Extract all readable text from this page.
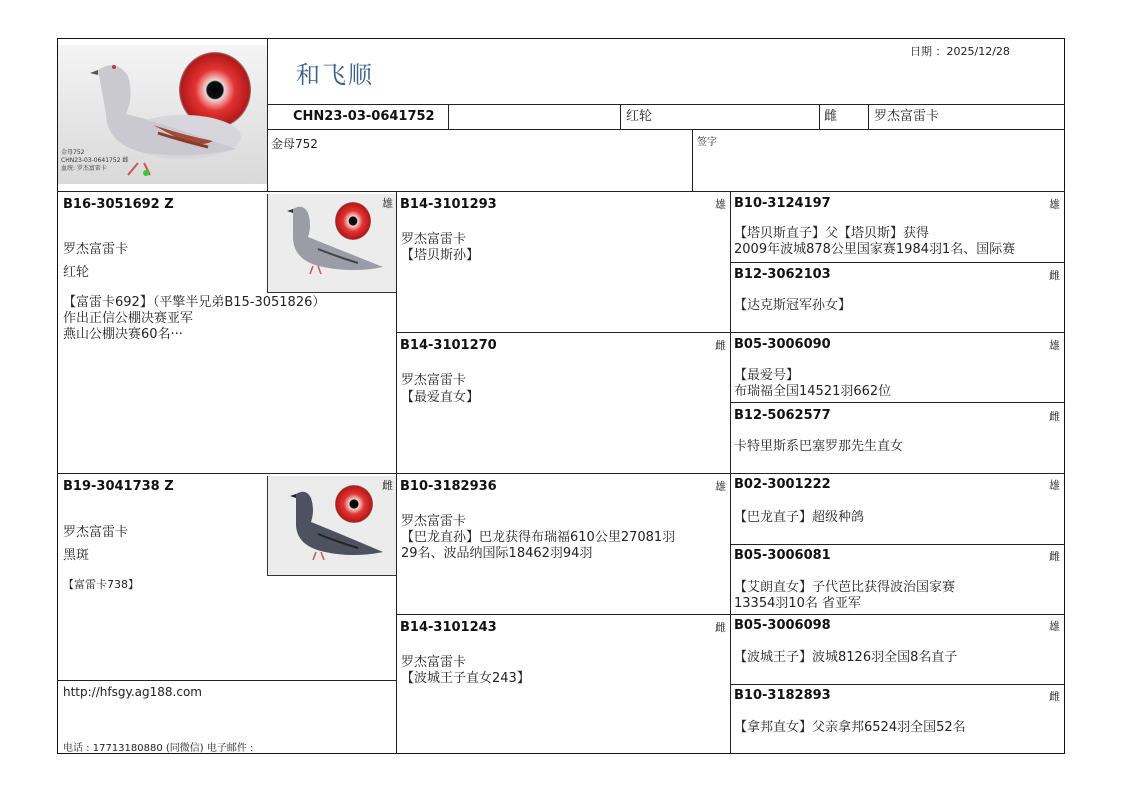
金母752
CHN23-03-0641752 雌
血统: 罗杰富雷卡
和飞顺
日期 ：2025/12/28
CHN23-03-0641752	红轮	雌	罗杰富雷卡
金母752	签字
B16-3051692 Z
罗杰富雷卡
红轮
【富雷卡692】（平擎半兄弟B15-3051826）
作出正信公棚决赛亚军
燕山公棚决赛60名···
雄
B19-3041738 Z
罗杰富雷卡
黑斑
【富雷卡738】
雌
http://hfsgy.ag188.com
电话 : 17713180880 (同微信) 电子邮件 :
B14-3101293	雄
罗杰富雷卡
【塔贝斯孙】
B14-3101270	雌
罗杰富雷卡
【最爱直女】
B10-3182936	雄
罗杰富雷卡
【巴龙直孙】巴龙获得布瑞福610公里27081羽
29名、波品纳国际18462羽94羽
B14-3101243	雌
罗杰富雷卡
【波城王子直女243】
B10-3124197	雄
【塔贝斯直子】父【塔贝斯】获得
2009年波城878公里国家赛1984羽1名、国际赛
B12-3062103	雌
【达克斯冠军孙女】
B05-3006090	雄
【最爱号】
布瑞福全国14521羽662位
B12-5062577	雌
卡特里斯系巴塞罗那先生直女
B02-3001222	雄
【巴龙直子】超级种鸽
B05-3006081	雌
【艾朗直女】子代芭比获得波治国家赛
13354羽10名 省亚军
B05-3006098	雄
【波城王子】波城8126羽全国8名直子
B10-3182893	雌
【拿邦直女】父亲拿邦6524羽全国52名
